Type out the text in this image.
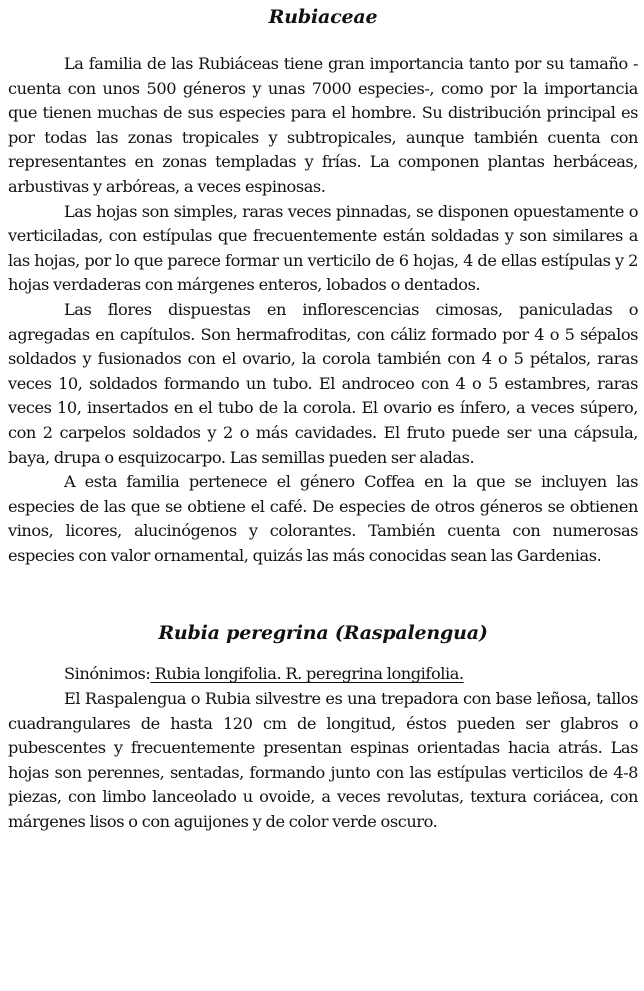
Rubiaceae

La familia de las Rubiáceas tiene gran importancia tanto por su tamaño -cuenta con unos 500 géneros y unas 7000 especies-, como por la importancia que tienen muchas de sus especies para el hombre. Su distribución principal es por todas las zonas tropicales y subtropicales, aunque también cuenta con representantes en zonas templadas y frías. La componen plantas herbáceas, arbustivas y arbóreas, a veces espinosas.

Las hojas son simples, raras veces pinnadas, se disponen opuestamente o verticiladas, con estípulas que frecuentemente están soldadas y son similares a las hojas, por lo que parece formar un verticilo de 6 hojas, 4 de ellas estípulas y 2 hojas verdaderas con márgenes enteros, lobados o dentados.

Las flores dispuestas en inflorescencias cimosas, paniculadas o agregadas en capítulos. Son hermafroditas, con cáliz formado por 4 o 5 sépalos soldados y fusionados con el ovario, la corola también con 4 o 5 pétalos, raras veces 10, soldados formando un tubo. El androceo con 4 o 5 estambres, raras veces 10, insertados en el tubo de la corola. El ovario es ínfero, a veces súpero, con 2 carpelos soldados y 2 o más cavidades. El fruto puede ser una cápsula, baya, drupa o esquizocarpo. Las semillas pueden ser aladas.

A esta familia pertenece el género Coffea en la que se incluyen las especies de las que se obtiene el café. De especies de otros géneros se obtienen vinos, licores, alucinógenos y colorantes. También cuenta con numerosas especies con valor ornamental, quizás las más conocidas sean las Gardenias.

Rubia peregrina (Raspalengua)

Sinónimos: Rubia longifolia. R. peregrina longifolia.

El Raspalengua o Rubia silvestre es una trepadora con base leñosa, tallos cuadrangulares de hasta 120 cm de longitud, éstos pueden ser glabros o pubescentes y frecuentemente presentan espinas orientadas hacia atrás. Las hojas son perennes, sentadas, formando junto con las estípulas verticilos de 4-8 piezas, con limbo lanceolado u ovoide, a veces revolutas, textura coriácea, con márgenes lisos o con aguijones y de color verde oscuro.
